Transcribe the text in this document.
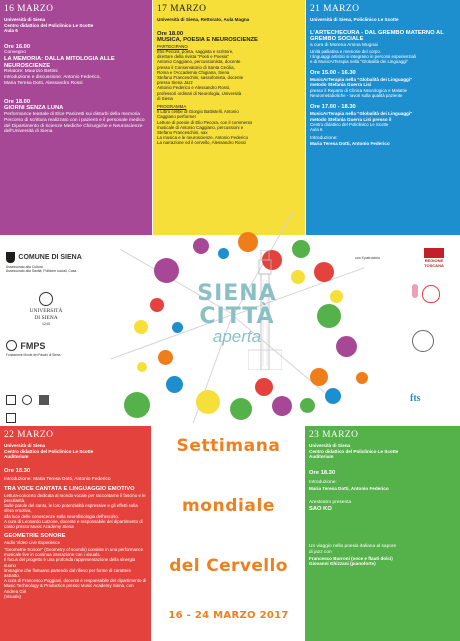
16 MARZO
Università di Siena
Centro didattico del Policlinico Le Scotte
Aula 6
Ore 16.00
Convegno
LA MEMORIA: DALLA MITOLOGIA ALLE NEUROSCIENZE
Relatore: Maurizio Bettini
Introduzione e discussione: Antonio Federico,
Maria Teresa Dotti, Alessandro Rossi
Ore 18.00
GIORNI SENZA LUNA
Performance teatrale di Elce Panizetti sui disturbi della memoria
Percorso di scrittura realizzato con i pazienti e il personale medico del Dipartimento di Scienze Mediche Chirurgiche e Neuroscienze dell'Università di Siena
17 MARZO
Università di Siena, Rettorato, Aula Magna
Ore 18.00
MUSICA, POESIA E NEUROSCIENZE
PARTECIPANO
Elio Pecora, poeta, saggista e scrittore,
direttore della rivista "Poeti e Poesia"
Antonio Caggiano, percussionista, docente
presso il Conservatorio di Santa Cecilia,
Roma e l'Accademia Chigiana, Siena
Stefano Franceschini, sassofonista, docente
presso Siena Jazz
Antonio Federico e Alessandro Rossi,
professori ordinari di Neurologia, Università
di Siena
PROGRAMMA
Il Libro celibe di Giorgio Battistelli, Antonio
Caggiano performer
Letture di poesie di Elio Pecora, con il commento
musicale di Antonio Caggiano, percussioni e
Stefano Franceschini, sax
La musica e le neuroscienze, Antonio Federico
La narrazione ed il cervello, Alessandro Rossi
21 MARZO
Università di Siena, Policlinico Le Scotte
L'ARTECHECURA - DAL GREMBO MATERNO AL GREMBO SOCIALE
a cura di Morena Amina Mugnai
Unità palliativa e memorie del corpo.
I linguaggi artistici si integrano in percorsi esperienziali
e di MusicArTerapia nella "Globalità dei Linguaggi"
Ore 15.00 - 16.30
MusicArTerapia nella "Globalità dei Linguaggi"
metodo Stefania Guerra Lisi
presso il Reparto di Clinica Neurologica e Malattie
Neurometaboliche - Iavori sulla qualità paziente
Ore 17.00 - 18.30
MusicArTerapia nella "Globalità dei Linguaggi"
metodo Stefania Guerra Lisi presso il
Centro didattico del Policlinico Le Scotte
Aula 6
Introduzione:
Maria Teresa Dotti, Antonio Federico
SIENA
CITTÀ
aperta
COMUNE DI SIENA
Assessorato alla Cultura
Assessorato alla Sanità, Politiche sociali, Casa
UNIVERSITÀ
DI SIENA
1240
FMPS
Fondazione Monte dei Paschi di Siena

con il patrocinio	REGIONE
TOSCANA
fts
22 MARZO
Università di Siena
Centro didattico del Policlinico Le Scotte
Auditorium
Ore 18.30
Introduzione: Maria Teresa Dotti, Antonio Federico
TRA VOCE CANTATA E LINGUAGGIO EMOTIVO
Lettura-concerto dedicata al mondo vocale per raccontarne il fascino e le peculiarità.
Sulle parole del canto, le loro potenzialità espressive e gli effetti sulla sfera emotiva,
alla luce delle conoscenze sulla neurofisiologia dell'ascolto.
A cura di Leonardo Lutzone, docente e responsabile del dipartimento di canto presso Music Academy Siena
GEOMETRIE SONORE
Audio Video Live Experience
"Geometrie Sonore" (Geometry of sounds) consiste in una performance
musicale live in continua interazione con i visuals.
Il focus del progetto è una profonda rappresentazione della sinergia suono
immagine che fluttuano partendo dal rilievo per forme di carattere
astratto.
A cura di Francesco Poggiani, docente e responsabile del dipartimento di
Music Technology & Production presso Music Academy Siena, con Andrea Giri
(Visuals)
Settimana
mondiale
del Cervello
16 - 24 MARZO 2017
23 MARZO
Università di Siena
Centro didattico del Policlinico Le Scotte
Auditorium
Ore 18.30
Introduzione:
Maria Teresa Dotti, Antonio Federico
Aresteatro presenta
SAO KO
Un viaggio nella poesia italiana al sapore
di jazz con
Francesco Burroni (voce e flauti dolci)
Giovanni Ghizzani (pianoforte)
